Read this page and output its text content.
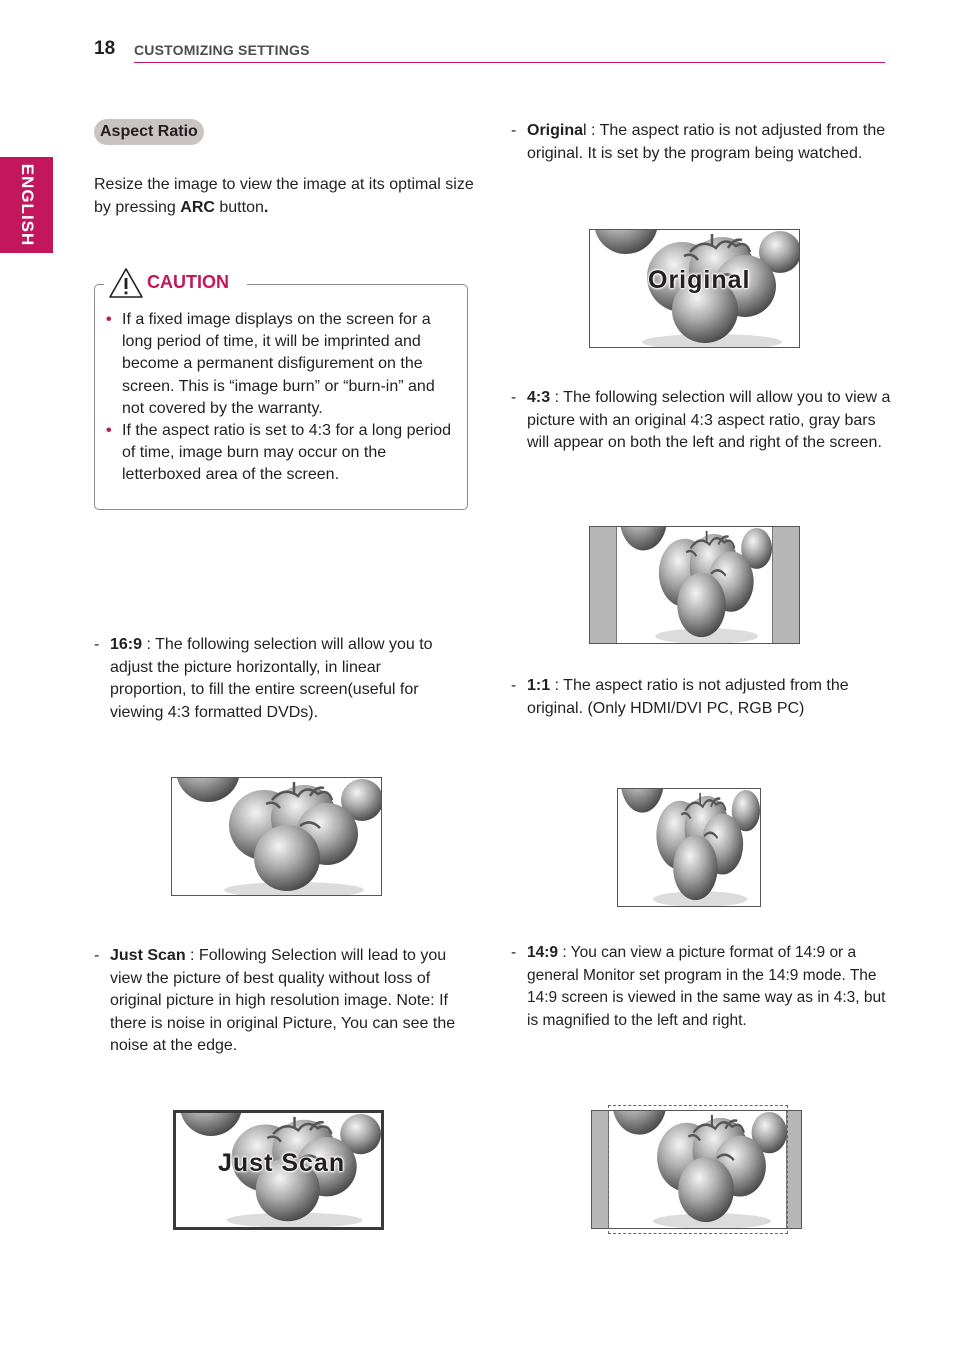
18 CUSTOMIZING SETTINGS
ENGLISH
Aspect Ratio
Resize the image to view the image at its optimal size by pressing ARC button.
CAUTION
• If a fixed image displays on the screen for a long period of time, it will be imprinted and become a permanent disfigurement on the screen. This is “image burn” or “burn-in” and not covered by the warranty.
• If the aspect ratio is set to 4:3 for a long period of time, image burn may occur on the letterboxed area of the screen.
- 16:9 : The following selection will allow you to adjust the picture horizontally, in linear proportion, to fill the entire screen(useful for viewing 4:3 formatted DVDs).
- Just Scan : Following Selection will lead to you view the picture of best quality without loss of original picture in high resolution image. Note: If there is noise in original Picture, You can see the noise at the edge.
Just Scan
- Original : The aspect ratio is not adjusted from the original. It is set by the program being watched.
Original
- 4:3 : The following selection will allow you to view a picture with an original 4:3 aspect ratio, gray bars will appear on both the left and right of the screen.
- 1:1 : The aspect ratio is not adjusted from the original. (Only HDMI/DVI PC, RGB PC)
- 14:9 : You can view a picture format of 14:9 or a general Monitor set program in the 14:9 mode. The 14:9 screen is viewed in the same way as in 4:3, but is magnified to the left and right.
